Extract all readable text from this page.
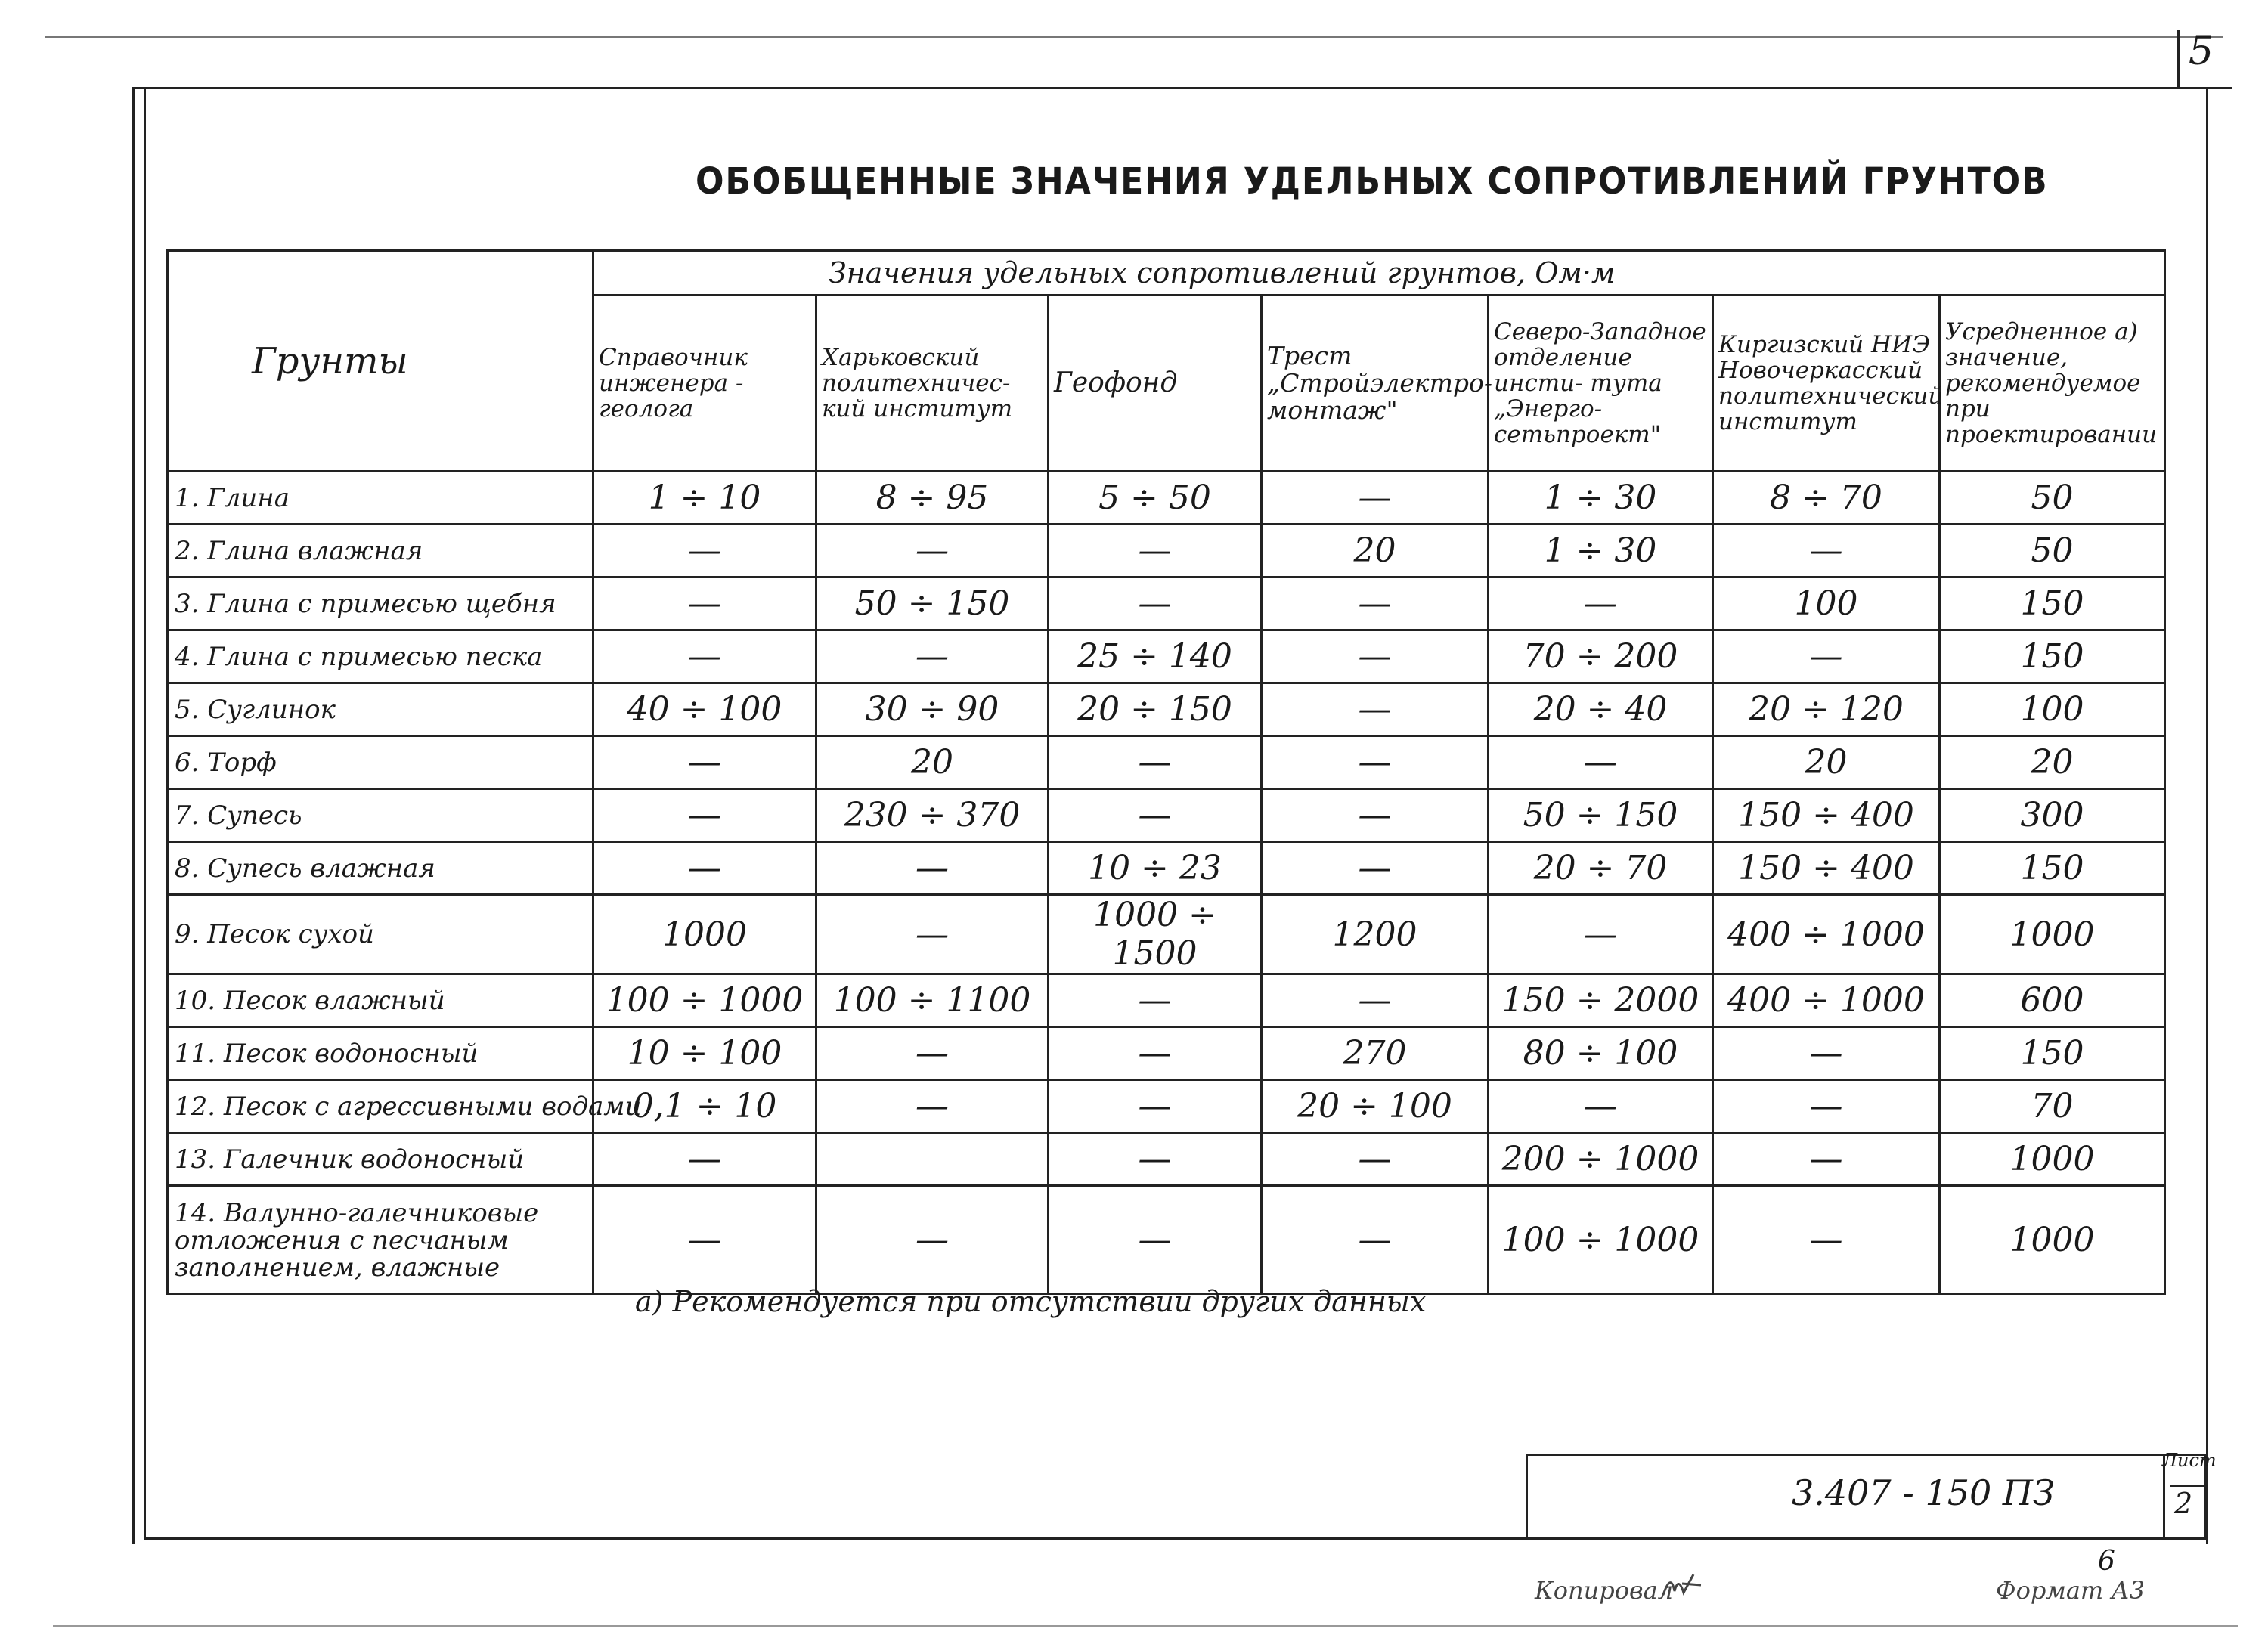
5
ОБОБЩЕННЫЕ ЗНАЧЕНИЯ УДЕЛЬНЫХ СОПРОТИВЛЕНИЙ ГРУНТОВ
Грунты	Значения удельных сопротивлений грунтов, Ом·м						
	Справочник инженера - геолога	Харьковский политехничес- кий институт	Геофонд	Трест „Стройэлектро- монтаж"	Северо-Западное отделение инсти- тута „Энерго- сетьпроект"	Киргизский НИЭ Новочеркасский политехнический институт	Усредненное а) значение, рекомендуемое при проектировании
1. Глина	1 ÷ 10	8 ÷ 95	5 ÷ 50	—	1 ÷ 30	8 ÷ 70	50
2. Глина влажная	—	—	—	20	1 ÷ 30	—	50
3. Глина с примесью щебня	—	50 ÷ 150	—	—	—	100	150
4. Глина с примесью песка	—	—	25 ÷ 140	—	70 ÷ 200	—	150
5. Суглинок	40 ÷ 100	30 ÷ 90	20 ÷ 150	—	20 ÷ 40	20 ÷ 120	100
6. Торф	—	20	—	—	—	20	20
7. Супесь	—	230 ÷ 370	—	—	50 ÷ 150	150 ÷ 400	300
8. Супесь влажная	—	—	10 ÷ 23	—	20 ÷ 70	150 ÷ 400	150
9. Песок сухой	1000	—	1000 ÷ 1500	1200	—	400 ÷ 1000	1000
10. Песок влажный	100 ÷ 1000	100 ÷ 1100	—	—	150 ÷ 2000	400 ÷ 1000	600
11. Песок водоносный	10 ÷ 100	—	—	270	80 ÷ 100	—	150
12. Песок с агрессивными водами	0,1 ÷ 10	—	—	20 ÷ 100	—	—	70
13. Галечник водоносный	—		—	—	200 ÷ 1000	—	1000
14. Валунно-галечниковые отложения с песчаным заполнением, влажные	—	—	—	—	100 ÷ 1000	—	1000
а) Рекомендуется при отсутствии других данных
3.407 - 150 ПЗ
Лист
2
6
Копировал	Формат А3
